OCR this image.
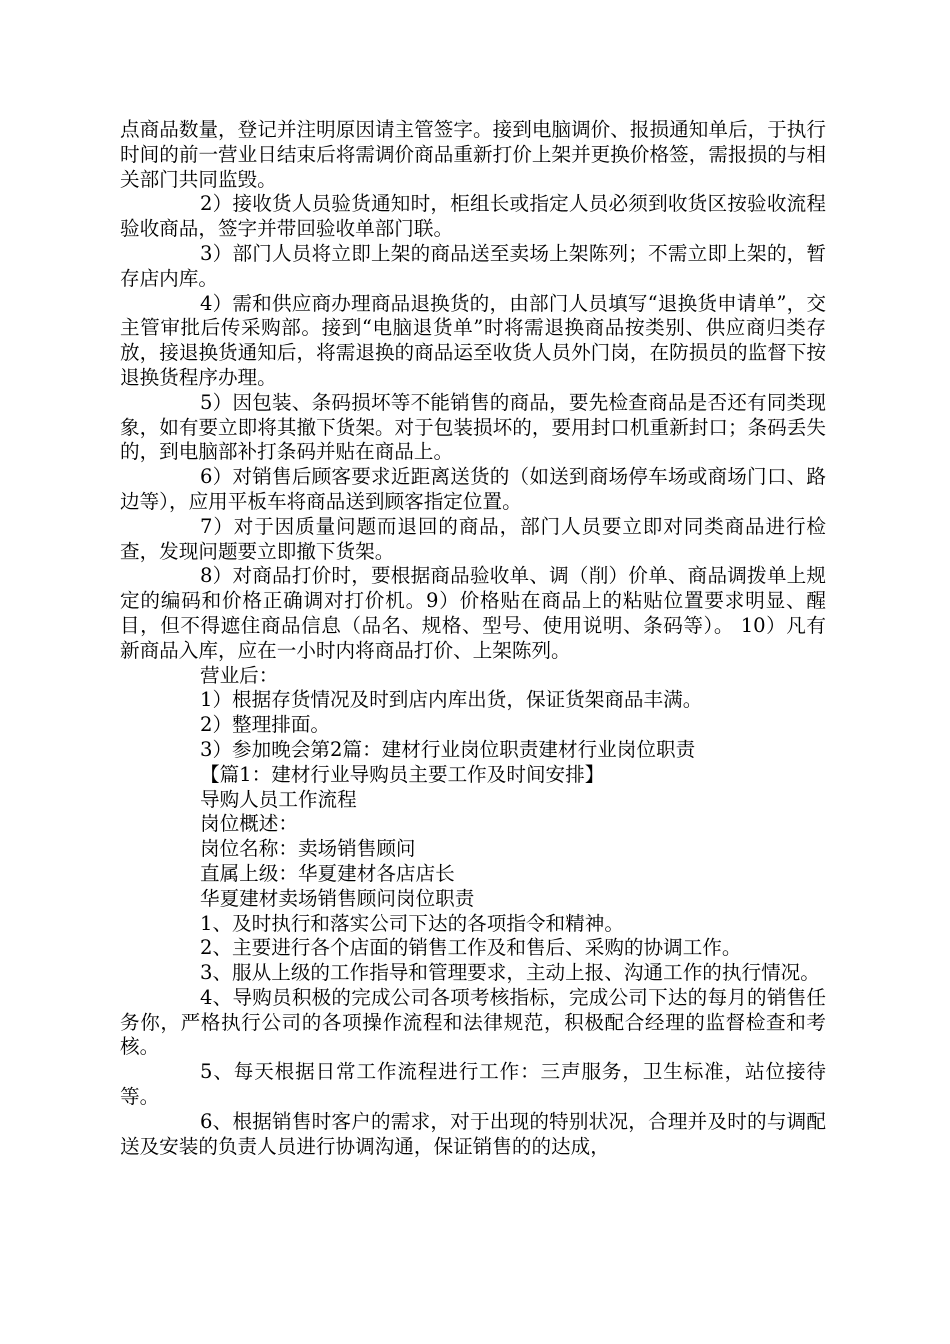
点商品数量，登记并注明原因请主管签字。接到电脑调价、报损通知单后，于执行时间的前一营业日结束后将需调价商品重新打价上架并更换价格签，需报损的与相关部门共同监毁。

2）接收货人员验货通知时，柜组长或指定人员必须到收货区按验收流程验收商品，签字并带回验收单部门联。

3）部门人员将立即上架的商品送至卖场上架陈列；不需立即上架的，暂存店内库。

4）需和供应商办理商品退换货的，由部门人员填写“退换货申请单”，交主管审批后传采购部。接到“电脑退货单”时将需退换商品按类别、供应商归类存放，接退换货通知后，将需退换的商品运至收货人员外门岗，在防损员的监督下按退换货程序办理。

5）因包装、条码损坏等不能销售的商品，要先检查商品是否还有同类现象，如有要立即将其撤下货架。对于包装损坏的，要用封口机重新封口；条码丢失的，到电脑部补打条码并贴在商品上。

6）对销售后顾客要求近距离送货的（如送到商场停车场或商场门口、路边等），应用平板车将商品送到顾客指定位置。

7）对于因质量问题而退回的商品，部门人员要立即对同类商品进行检查，发现问题要立即撤下货架。

8）对商品打价时，要根据商品验收单、调（削）价单、商品调拨单上规定的编码和价格正确调对打价机。9）价格贴在商品上的粘贴位置要求明显、醒目，但不得遮住商品信息（品名、规格、型号、使用说明、条码等）。 10）凡有新商品入库，应在一小时内将商品打价、上架陈列。

营业后：

1）根据存货情况及时到店内库出货，保证货架商品丰满。

2）整理排面。

3）参加晚会第2篇：建材行业岗位职责建材行业岗位职责

【篇1：建材行业导购员主要工作及时间安排】

导购人员工作流程

岗位概述：

岗位名称：卖场销售顾问

直属上级：华夏建材各店店长

华夏建材卖场销售顾问岗位职责

1、及时执行和落实公司下达的各项指令和精神。

2、主要进行各个店面的销售工作及和售后、采购的协调工作。

3、服从上级的工作指导和管理要求，主动上报、沟通工作的执行情况。

4、导购员积极的完成公司各项考核指标，完成公司下达的每月的销售任务你，严格执行公司的各项操作流程和法律规范，积极配合经理的监督检查和考核。

5、每天根据日常工作流程进行工作：三声服务，卫生标准，站位接待等。

6、根据销售时客户的需求，对于出现的特别状况，合理并及时的与调配送及安装的负责人员进行协调沟通，保证销售的的达成，
